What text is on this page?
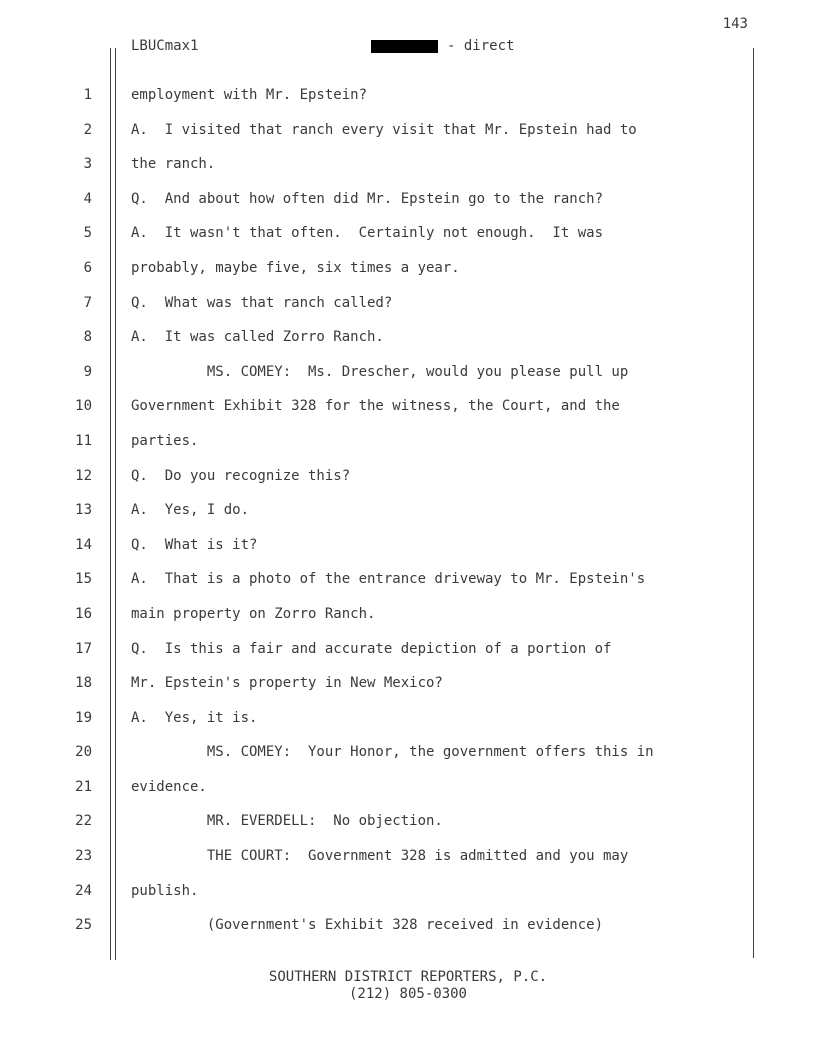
143
LBUCmax1	- direct
1	employment with Mr. Epstein?
2	A.  I visited that ranch every visit that Mr. Epstein had to
3	the ranch.
4	Q.  And about how often did Mr. Epstein go to the ranch?
5	A.  It wasn't that often.  Certainly not enough.  It was
6	probably, maybe five, six times a year.
7	Q.  What was that ranch called?
8	A.  It was called Zorro Ranch.
9	MS. COMEY:  Ms. Drescher, would you please pull up
10	Government Exhibit 328 for the witness, the Court, and the
11	parties.
12	Q.  Do you recognize this?
13	A.  Yes, I do.
14	Q.  What is it?
15	A.  That is a photo of the entrance driveway to Mr. Epstein's
16	main property on Zorro Ranch.
17	Q.  Is this a fair and accurate depiction of a portion of
18	Mr. Epstein's property in New Mexico?
19	A.  Yes, it is.
20	MS. COMEY:  Your Honor, the government offers this in
21	evidence.
22	MR. EVERDELL:  No objection.
23	THE COURT:  Government 328 is admitted and you may
24	publish.
25	(Government's Exhibit 328 received in evidence)
SOUTHERN DISTRICT REPORTERS, P.C.
(212) 805-0300
